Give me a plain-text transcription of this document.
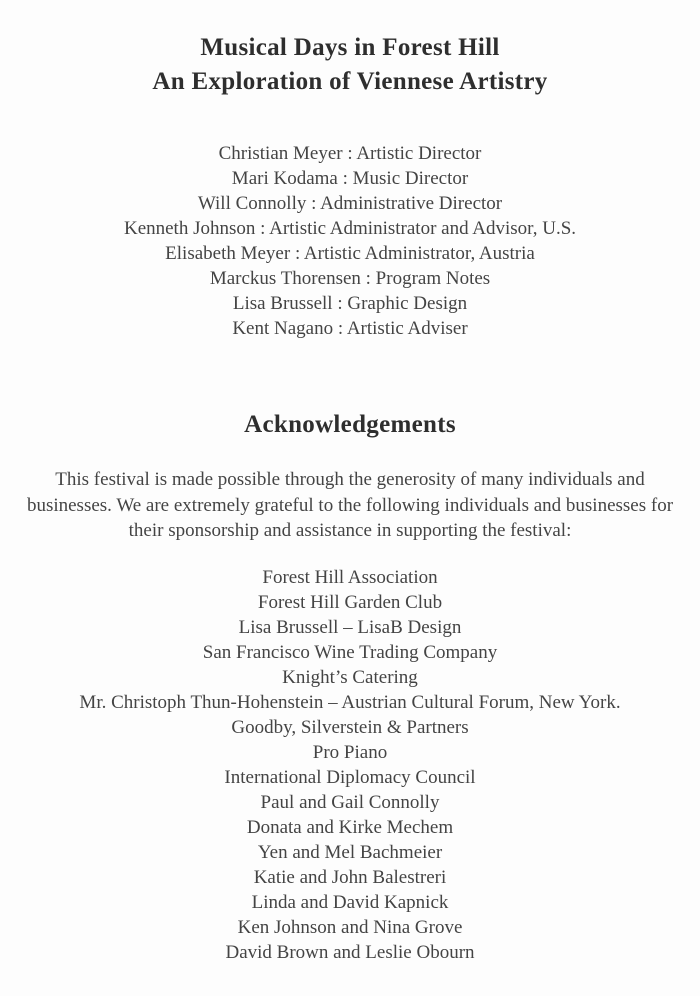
Musical Days in Forest Hill
An Exploration of Viennese Artistry
Christian Meyer : Artistic Director
Mari Kodama : Music Director
Will Connolly : Administrative Director
Kenneth Johnson : Artistic Administrator and Advisor, U.S.
Elisabeth Meyer : Artistic Administrator, Austria
Marckus Thorensen : Program Notes
Lisa Brussell : Graphic Design
Kent Nagano : Artistic Adviser
Acknowledgements

This festival is made possible through the generosity of many individuals and businesses. We are extremely grateful to the following individuals and businesses for their sponsorship and assistance in supporting the festival:

Forest Hill Association
Forest Hill Garden Club
Lisa Brussell – LisaB Design
San Francisco Wine Trading Company
Knight’s Catering
Mr. Christoph Thun-Hohenstein – Austrian Cultural Forum, New York.
Goodby, Silverstein & Partners
Pro Piano
International Diplomacy Council
Paul and Gail Connolly
Donata and Kirke Mechem
Yen and Mel Bachmeier
Katie and John Balestreri
Linda and David Kapnick
Ken Johnson and Nina Grove
David Brown and Leslie Obourn
